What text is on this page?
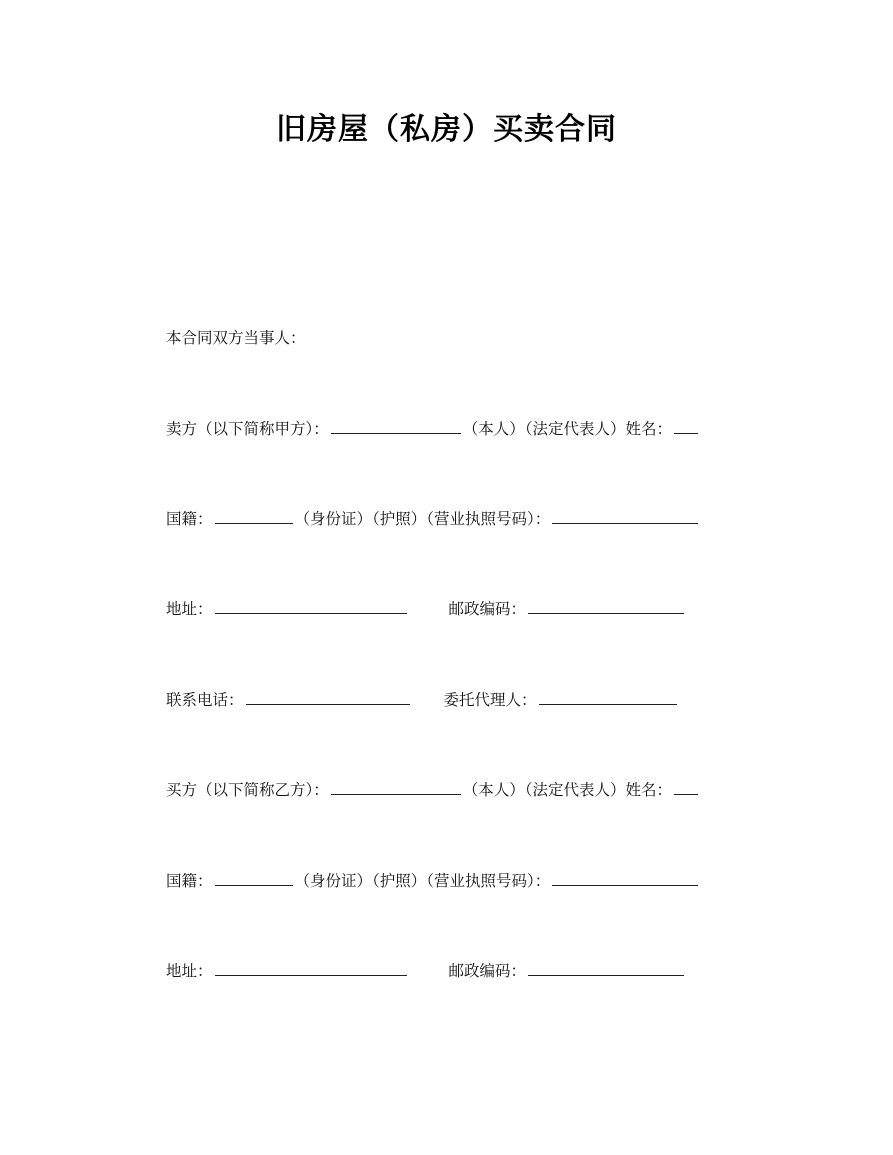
旧房屋（私房）买卖合同
本合同双方当事人：
卖方（以下简称甲方）：	（本人）（法定代表人）姓名：
国籍：	（身份证）（护照）（营业执照号码）：
地址：	邮政编码：
联系电话：	委托代理人：
买方（以下简称乙方）：	（本人）（法定代表人）姓名：
国籍：	（身份证）（护照）（营业执照号码）：
地址：	邮政编码：
